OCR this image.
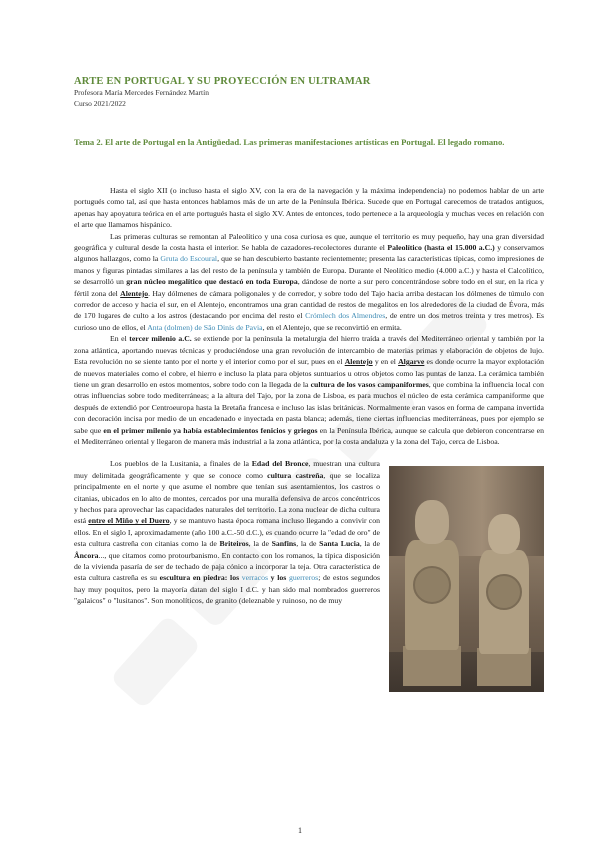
ARTE EN PORTUGAL Y SU PROYECCIÓN EN ULTRAMAR
Profesora María Mercedes Fernández Martín
Curso 2021/2022
Tema 2. El arte de Portugal en la Antigüedad. Las primeras manifestaciones artísticas en Portugal. El legado romano.

Hasta el siglo XII (o incluso hasta el siglo XV, con la era de la navegación y la máxima independencia) no podemos hablar de un arte portugués como tal, así que hasta entonces hablamos más de un arte de la Península Ibérica. Sucede que en Portugal carecemos de tratados antiguos, apenas hay apoyatura teórica en el arte portugués hasta el siglo XV. Antes de entonces, todo pertenece a la arqueología y muchas veces en relación con el arte que llamamos hispánico.

Las primeras culturas se remontan al Paleolítico y una cosa curiosa es que, aunque el territorio es muy pequeño, hay una gran diversidad geográfica y cultural desde la costa hasta el interior. Se habla de cazadores-recolectores durante el Paleolítico (hasta el 15.000 a.C.) y conservamos algunos hallazgos, como la Gruta do Escoural, que se han descubierto bastante recientemente; presenta las características típicas, como impresiones de manos y figuras pintadas similares a las del resto de la península y también de Europa. Durante el Neolítico medio (4.000 a.C.) y hasta el Calcolítico, se desarrolló un gran núcleo megalítico que destacó en toda Europa, dándose de norte a sur pero concentrándose sobre todo en el sur, en la rica y fértil zona del Alentejo. Hay dólmenes de cámara poligonales y de corredor, y sobre todo del Tajo hacia arriba destacan los dólmenes de túmulo con corredor de acceso y hacia el sur, en el Alentejo, encontramos una gran cantidad de restos de megalitos en los alrededores de la ciudad de Évora, más de 170 lugares de culto a los astros (destacando por encima del resto el Crómlech dos Almendres, de entre un dos metros treinta y tres metros). Es curioso uno de ellos, el Anta (dolmen) de São Dinís de Pavia, en el Alentejo, que se reconvirtió en ermita.

En el tercer milenio a.C. se extiende por la península la metalurgia del hierro traída a través del Mediterráneo oriental y también por la zona atlántica, aportando nuevas técnicas y produciéndose una gran revolución de intercambio de materias primas y elaboración de objetos de lujo. Esta revolución no se siente tanto por el norte y el interior como por el sur, pues en el Alentejo y en el Algarve es donde ocurre la mayor explotación de nuevos materiales como el cobre, el hierro e incluso la plata para objetos suntuarios u otros objetos como las puntas de lanza. La cerámica también tiene un gran desarrollo en estos momentos, sobre todo con la llegada de la cultura de los vasos campaniformes, que combina la influencia local con otras influencias sobre todo mediterráneas; a la altura del Tajo, por la zona de Lisboa, es para muchos el núcleo de esta cerámica campaniforme que después de extendió por Centroeuropa hasta la Bretaña francesa e incluso las islas británicas. Normalmente eran vasos en forma de campana invertida con decoración incisa por medio de un encadenado e inyectada en pasta blanca; además, tiene ciertas influencias mediterráneas, pues por ejemplo se sabe que en el primer milenio ya había establecimientos fenicios y griegos en la Península Ibérica, aunque se calcula que debieron concentrarse en el Mediterráneo oriental y llegaron de manera más industrial a la zona atlántica, por la costa andaluza y la zona del Tajo, cerca de Lisboa.

Los pueblos de la Lusitania, a finales de la Edad del Bronce, muestran una cultura muy delimitada geográficamente y que se conoce como cultura castreña, que se localiza principalmente en el norte y que asume el nombre que tenían sus asentamientos, los castros o citanias, ubicados en lo alto de montes, cercados por una muralla defensiva de arcos concéntricos y hechos para aprovechar las capacidades naturales del territorio. La zona nuclear de dicha cultura está entre el Miño y el Duero, y se mantuvo hasta época romana incluso llegando a convivir con ellos. En el siglo I, aproximadamente (año 100 a.C.-50 d.C.), es cuando ocurre la "edad de oro" de esta cultura castreña con citanias como la de Briteiros, la de Sanfins, la de Santa Lucia, la de Âncora..., que citamos como protourbanismo. En contacto con los romanos, la típica disposición de la vivienda pasaría de ser de techado de paja cónico a incorporar la teja. Otra característica de esta cultura castreña es su escultura en piedra: los verracos y los guerreros; de estos segundos hay muy poquitos, pero la mayoría datan del siglo I d.C. y han sido mal nombrados guerreros "galaicos" o "lusitanos". Son monolíticos, de granito (deleznable y ruinoso, no de muy

1
